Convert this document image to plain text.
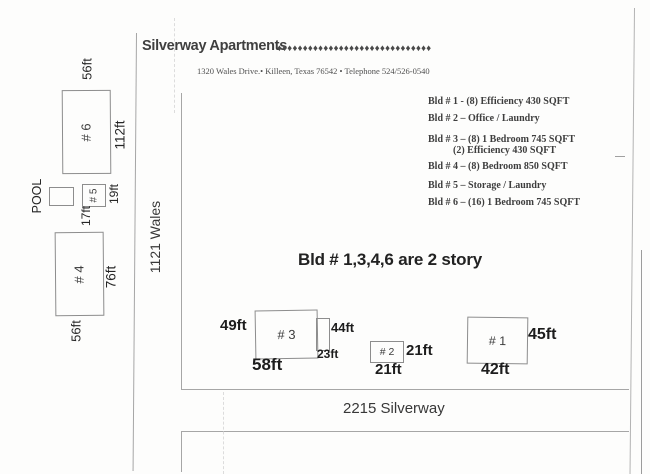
Silverway Apartments
♦♦♦♦♦♦♦♦♦♦♦♦♦♦♦♦♦♦♦♦♦♦♦♦♦♦♦♦♦♦
1320 Wales Drive.• Killeen, Texas 76542 • Telephone 524/526-0540
1121 Wales
2215 Silverway
Bld # 1 - (8) Efficiency 430 SQFT
Bld # 2 – Office / Laundry
Bld # 3 – (8) 1 Bedroom 745 SQFT
(2) Efficiency 430 SQFT
Bld # 4 – (8) Bedroom 850 SQFT
Bld # 5 – Storage / Laundry
Bld # 6 – (16) 1 Bedroom 745 SQFT
Bld # 1,3,4,6 are 2 story
# 6
56ft
112ft
POOL	# 5 19ft
17ft
# 4 76ft
56ft	49ft
# 3	44ft
23ft
58ft
# 2 21ft
21ft
# 1 45ft
42ft
